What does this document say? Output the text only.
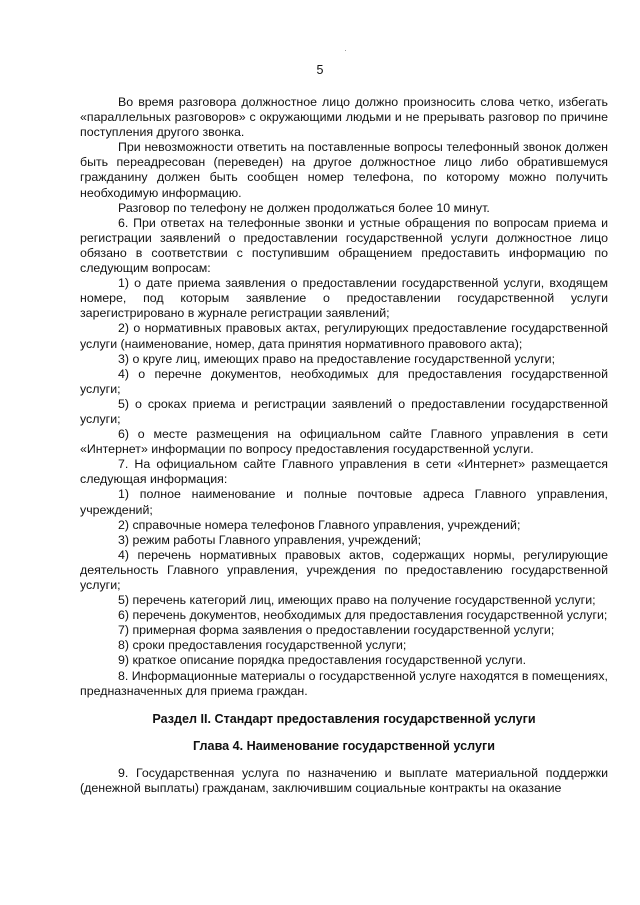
5

Во время разговора должностное лицо должно произносить слова четко, избегать «параллельных разговоров» с окружающими людьми и не прерывать разговор по причине поступления другого звонка.

При невозможности ответить на поставленные вопросы телефонный звонок должен быть переадресован (переведен) на другое должностное лицо либо обратившемуся гражданину должен быть сообщен номер телефона, по которому можно получить необходимую информацию.

Разговор по телефону не должен продолжаться более 10 минут.

6. При ответах на телефонные звонки и устные обращения по вопросам приема и регистрации заявлений о предоставлении государственной услуги должностное лицо обязано в соответствии с поступившим обращением предоставить информацию по следующим вопросам:

1) о дате приема заявления о предоставлении государственной услуги, входящем номере, под которым заявление о предоставлении государственной услуги зарегистрировано в журнале регистрации заявлений;

2) о нормативных правовых актах, регулирующих предоставление государственной услуги (наименование, номер, дата принятия нормативного правового акта);

3) о круге лиц, имеющих право на предоставление государственной услуги;

4) о перечне документов, необходимых для предоставления государственной услуги;

5) о сроках приема и регистрации заявлений о предоставлении государственной услуги;

6) о месте размещения на официальном сайте Главного управления в сети «Интернет» информации по вопросу предоставления государственной услуги.

7. На официальном сайте Главного управления в сети «Интернет» размещается следующая информация:

1) полное наименование и полные почтовые адреса Главного управления, учреждений;

2) справочные номера телефонов Главного управления, учреждений;

3) режим работы Главного управления, учреждений;

4) перечень нормативных правовых актов, содержащих нормы, регулирующие деятельность Главного управления, учреждения по предоставлению государственной услуги;

5) перечень категорий лиц, имеющих право на получение государственной услуги;

6) перечень документов, необходимых для предоставления государственной услуги;

7) примерная форма заявления о предоставлении государственной услуги;

8) сроки предоставления государственной услуги;

9) краткое описание порядка предоставления государственной услуги.

8. Информационные материалы о государственной услуге находятся в помещениях, предназначенных для приема граждан.

Раздел II. Стандарт предоставления государственной услуги
Глава 4. Наименование государственной услуги

9. Государственная услуга по назначению и выплате материальной поддержки (денежной выплаты) гражданам, заключившим социальные контракты на оказание
